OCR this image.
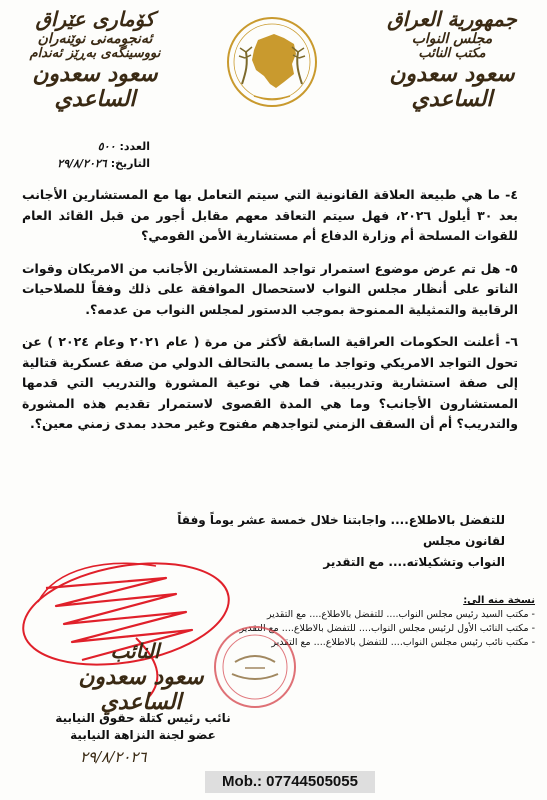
جمهورية العراق
مجلس النواب
مكتب النائب
سعود سعدون الساعدي
كۆماری عێراق
ئەنجومەنی نوێنەران
نووسینگەی بەڕێز ئەندام
سعود سعدون الساعدي
العدد:٥٠٠
التاريخ:٢٩/٨/٢٠٢٦

٤- ما هي طبيعة العلاقة القانونية التي سيتم التعامل بها مع المستشارين الأجانب بعد ٣٠ أيلول ٢٠٢٦، فهل سيتم التعاقد معهم مقابل أجور من قبل القائد العام للقوات المسلحة أم وزارة الدفاع أم مستشارية الأمن القومي؟

٥- هل تم عرض موضوع استمرار تواجد المستشارين الأجانب من الامريكان وقوات الناتو على أنظار مجلس النواب لاستحصال الموافقة على ذلك وفقاً للصلاحيات الرقابية والتمثيلية الممنوحة بموجب الدستور لمجلس النواب من عدمه؟.

٦- أعلنت الحكومات العراقية السابقة لأكثر من مرة ( عام ٢٠٢١ وعام ٢٠٢٤ ) عن تحول التواجد الامريكي وتواجد ما يسمى بالتحالف الدولي من صفة عسكرية قتالية إلى صفة استشارية وتدريبية. فما هي نوعية المشورة والتدريب التي قدمها المستشارون الأجانب؟ وما هي المدة القصوى لاستمرار تقديم هذه المشورة والتدريب؟ أم أن السقف الزمني لتواجدهم مفتوح وغير محدد بمدى زمني معين؟.

للتفضل بالاطلاع.... واجابتنا خلال خمسة عشر يوماً وفقاً لقانون مجلس
النواب وتشكيلاته.... مع التقدير
نسخة منه الى:
- مكتب السيد رئيس مجلس النواب.... للتفضل بالاطلاع.... مع التقدير
- مكتب النائب الأول لرئيس مجلس النواب.... للتفضل بالاطلاع.... مع التقدير
- مكتب نائب رئيس مجلس النواب.... للتفضل بالاطلاع.... مع التقدير
النائب
سعود سعدون الساعدي
نائب رئيس كتلة حقوق النيابية
عضو لجنة النزاهة النيابية
٢٩/٨/٢٠٢٦
Mob.: 07744505055
